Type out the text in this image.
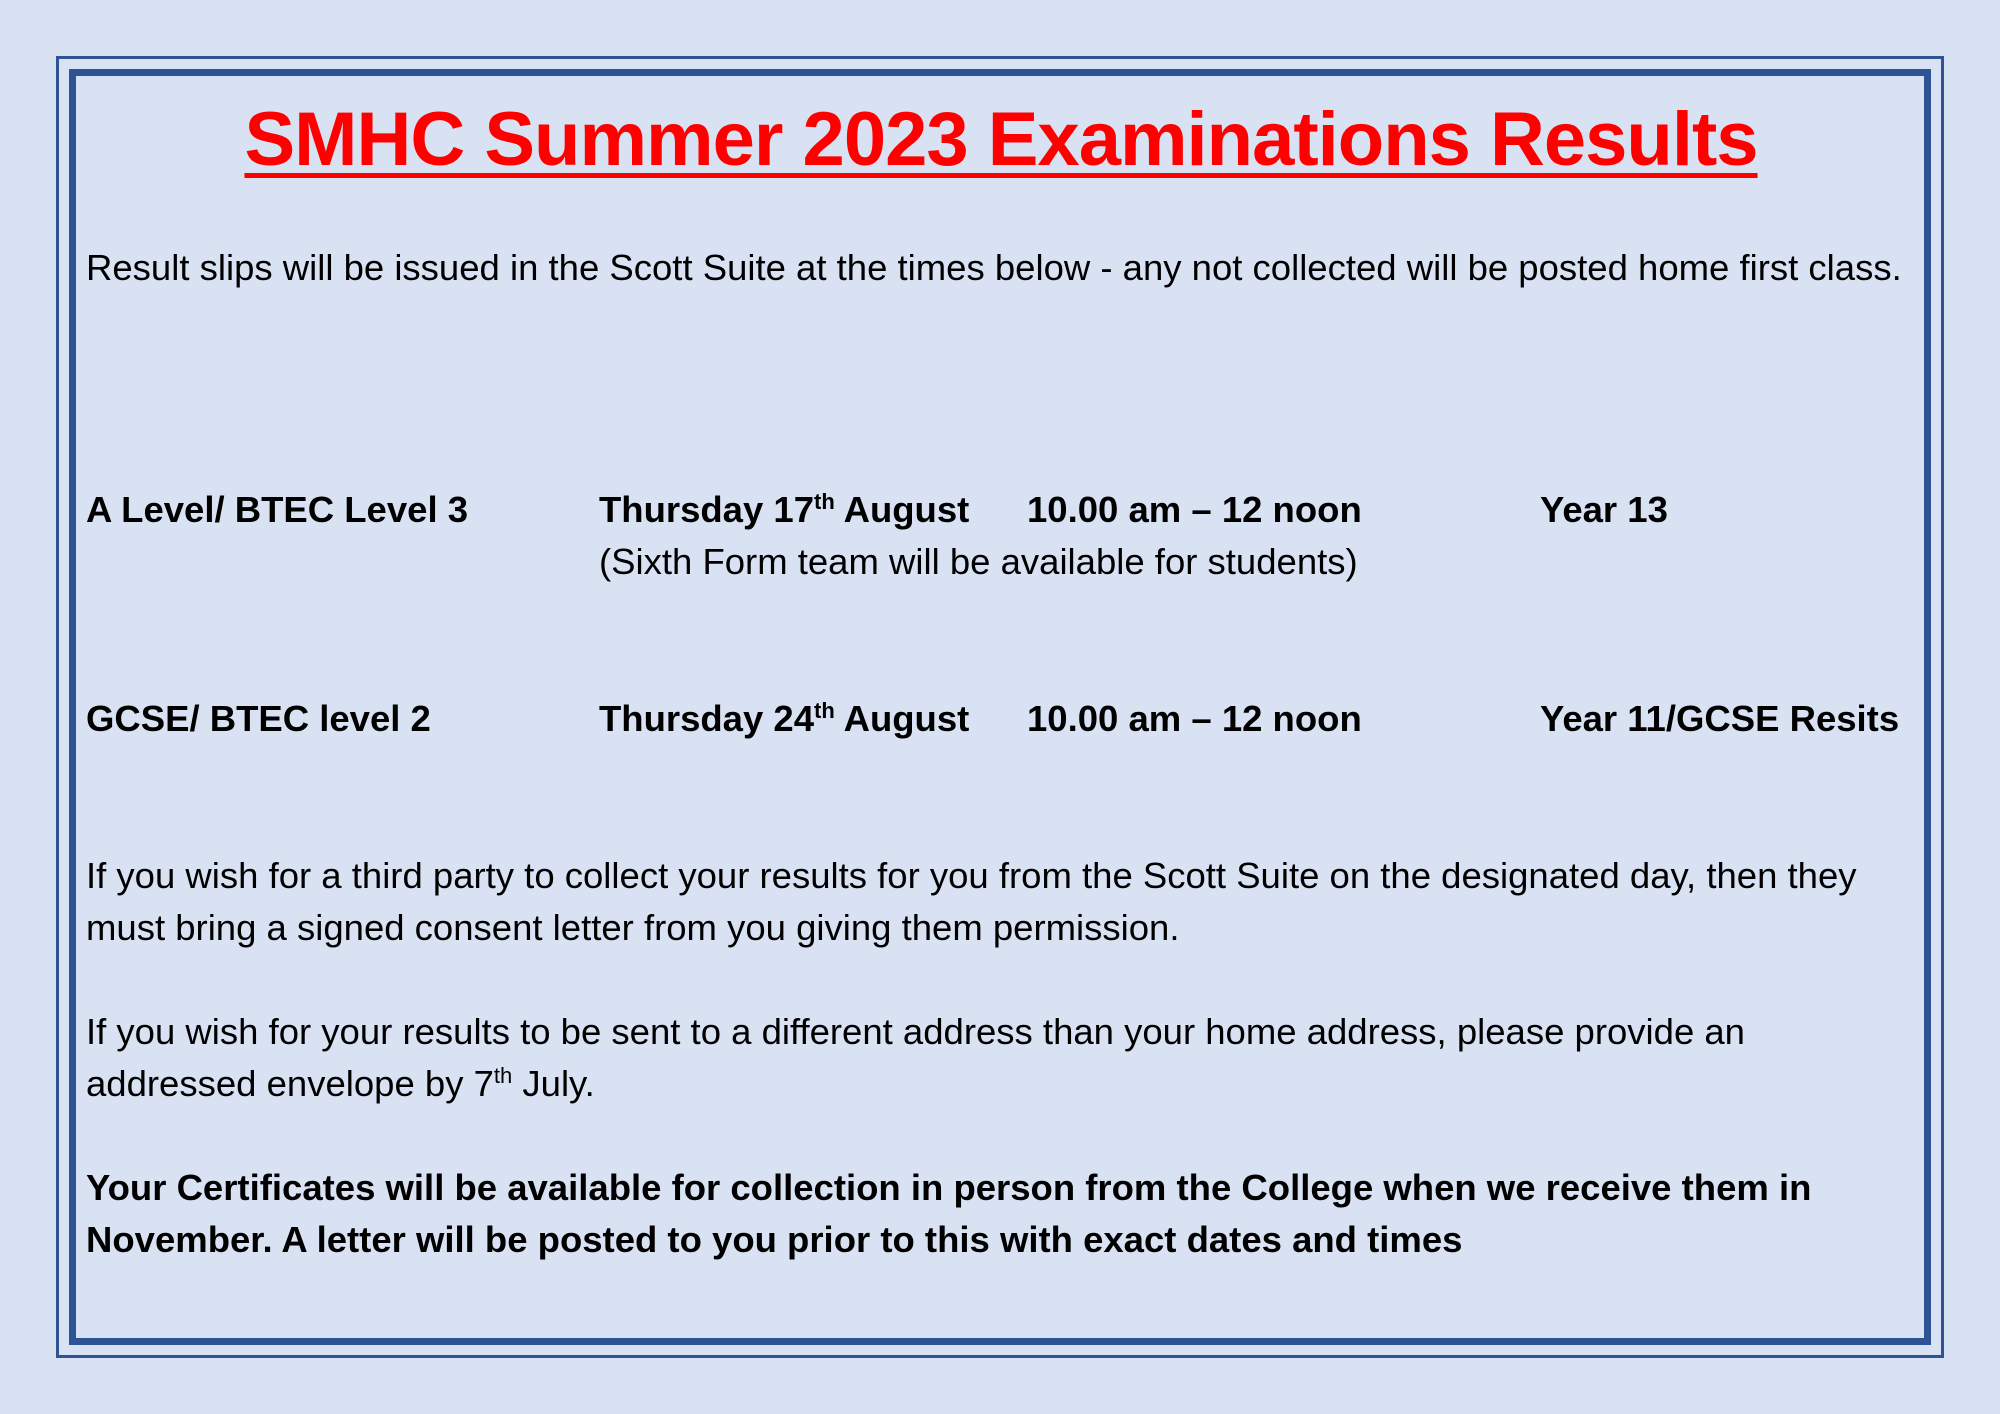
SMHC Summer 2023 Examinations Results

Result slips will be issued in the Scott Suite at the times below - any not collected will be posted home first class.

A Level/ BTEC Level 3	Thursday 17th August 10.00 am – 12 noon	Year 13
(Sixth Form team will be available for students)
GCSE/ BTEC level 2	Thursday 24th August 10.00 am – 12 noon	Year 11/GCSE Resits

If you wish for a third party to collect your results for you from the Scott Suite on the designated day, then they must bring a signed consent letter from you giving them permission.

If you wish for your results to be sent to a different address than your home address, please provide an addressed envelope by 7th July.

Your Certificates will be available for collection in person from the College when we receive them in November. A letter will be posted to you prior to this with exact dates and times
